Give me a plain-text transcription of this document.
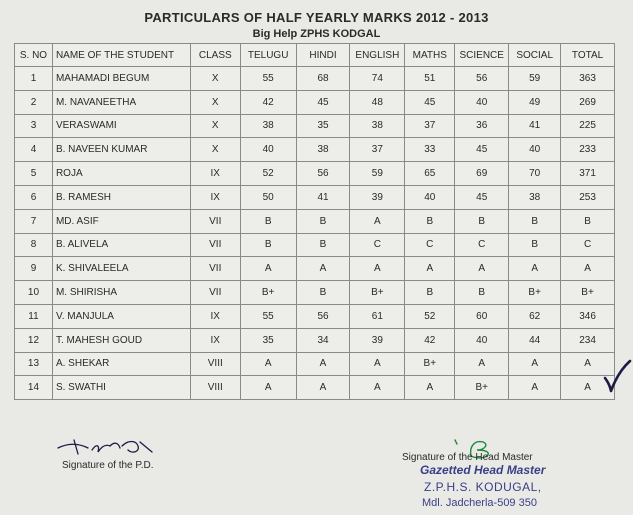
PARTICULARS OF HALF YEARLY MARKS 2012 - 2013
Big Help ZPHS KODGAL
S. NO	NAME OF THE STUDENT	CLASS	TELUGU	HINDI	ENGLISH	MATHS	SCIENCE	SOCIAL	TOTAL
1	MAHAMADI BEGUM	X	55	68	74	51	56	59	363
2	M. NAVANEETHA	X	42	45	48	45	40	49	269
3	VERASWAMI	X	38	35	38	37	36	41	225
4	B. NAVEEN KUMAR	X	40	38	37	33	45	40	233
5	ROJA	IX	52	56	59	65	69	70	371
6	B. RAMESH	IX	50	41	39	40	45	38	253
7	MD. ASIF	VII	B	B	A	B	B	B	B
8	B. ALIVELA	VII	B	B	C	C	C	B	C
9	K. SHIVALEELA	VII	A	A	A	A	A	A	A
10	M. SHIRISHA	VII	B+	B	B+	B	B	B+	B+
11	V. MANJULA	IX	55	56	61	52	60	62	346
12	T. MAHESH GOUD	IX	35	34	39	42	40	44	234
13	A. SHEKAR	VIII	A	A	A	B+	A	A	A
14	S. SWATHI	VIII	A	A	A	A	B+	A	A
Signature of the P.D.
Signature of the Head Master
Gazetted Head Master
Z.P.H.S. KODUGAL,
Mdl. Jadcherla-509 350
